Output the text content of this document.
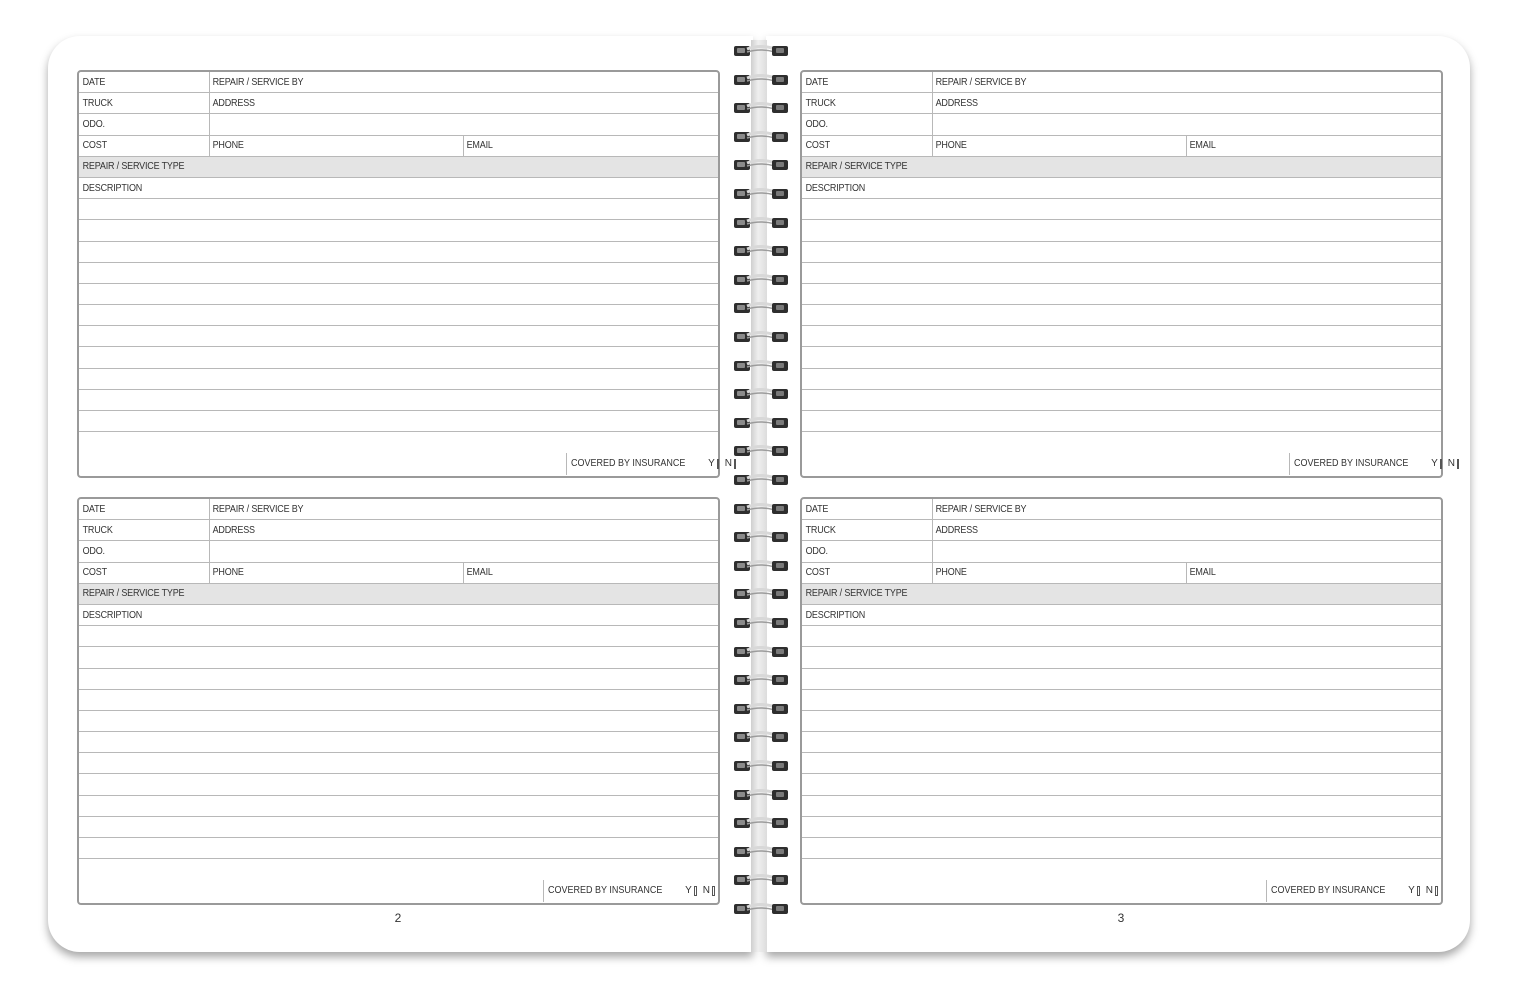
DATE	REPAIR / SERVICE BY
TRUCK	ADDRESS
ODO.
COST	PHONE	EMAIL
REPAIR / SERVICE TYPE
DESCRIPTION
COVERED BY INSURANCE Y N
DATE	REPAIR / SERVICE BY
TRUCK	ADDRESS
ODO.
COST	PHONE	EMAIL
REPAIR / SERVICE TYPE
DESCRIPTION
COVERED BY INSURANCE Y N
DATE	REPAIR / SERVICE BY
TRUCK	ADDRESS
ODO.
COST	PHONE	EMAIL
REPAIR / SERVICE TYPE
DESCRIPTION
COVERED BY INSURANCE Y N
DATE	REPAIR / SERVICE BY
TRUCK	ADDRESS
ODO.
COST	PHONE	EMAIL
REPAIR / SERVICE TYPE
DESCRIPTION
COVERED BY INSURANCE Y N
2	3
